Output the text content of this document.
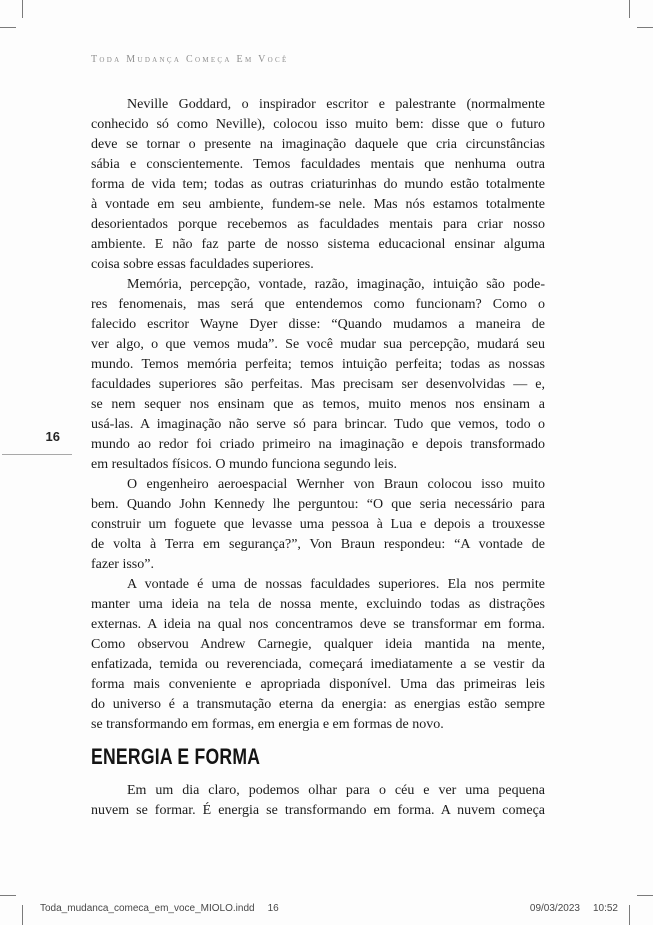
Toda Mudança Começa Em Você
16
Neville Goddard, o inspirador escritor e palestrante (normalmente
conhecido só como Neville), colocou isso muito bem: disse que o futuro
deve se tornar o presente na imaginação daquele que cria circunstâncias
sábia e conscientemente. Temos faculdades mentais que nenhuma outra
forma de vida tem; todas as outras criaturinhas do mundo estão totalmente
à vontade em seu ambiente, fundem-se nele. Mas nós estamos totalmente
desorientados porque recebemos as faculdades mentais para criar nosso
ambiente. E não faz parte de nosso sistema educacional ensinar alguma
coisa sobre essas faculdades superiores.
Memória, percepção, vontade, razão, imaginação, intuição são pode-
res fenomenais, mas será que entendemos como funcionam? Como o
falecido escritor Wayne Dyer disse: “Quando mudamos a maneira de
ver algo, o que vemos muda”. Se você mudar sua percepção, mudará seu
mundo. Temos memória perfeita; temos intuição perfeita; todas as nossas
faculdades superiores são perfeitas. Mas precisam ser desenvolvidas — e,
se nem sequer nos ensinam que as temos, muito menos nos ensinam a
usá-las. A imaginação não serve só para brincar. Tudo que vemos, todo o
mundo ao redor foi criado primeiro na imaginação e depois transformado
em resultados físicos. O mundo funciona segundo leis.
O engenheiro aeroespacial Wernher von Braun colocou isso muito
bem. Quando John Kennedy lhe perguntou: “O que seria necessário para
construir um foguete que levasse uma pessoa à Lua e depois a trouxesse
de volta à Terra em segurança?”, Von Braun respondeu: “A vontade de
fazer isso”.
A vontade é uma de nossas faculdades superiores. Ela nos permite
manter uma ideia na tela de nossa mente, excluindo todas as distrações
externas. A ideia na qual nos concentramos deve se transformar em forma.
Como observou Andrew Carnegie, qualquer ideia mantida na mente,
enfatizada, temida ou reverenciada, começará imediatamente a se vestir da
forma mais conveniente e apropriada disponível. Uma das primeiras leis
do universo é a transmutação eterna da energia: as energias estão sempre
se transformando em formas, em energia e em formas de novo.
ENERGIA E FORMA
Em um dia claro, podemos olhar para o céu e ver uma pequena
nuvem se formar. É energia se transformando em forma. A nuvem começa
Toda_mudanca_comeca_em_voce_MIOLO.indd 16	09/03/2023 10:52
